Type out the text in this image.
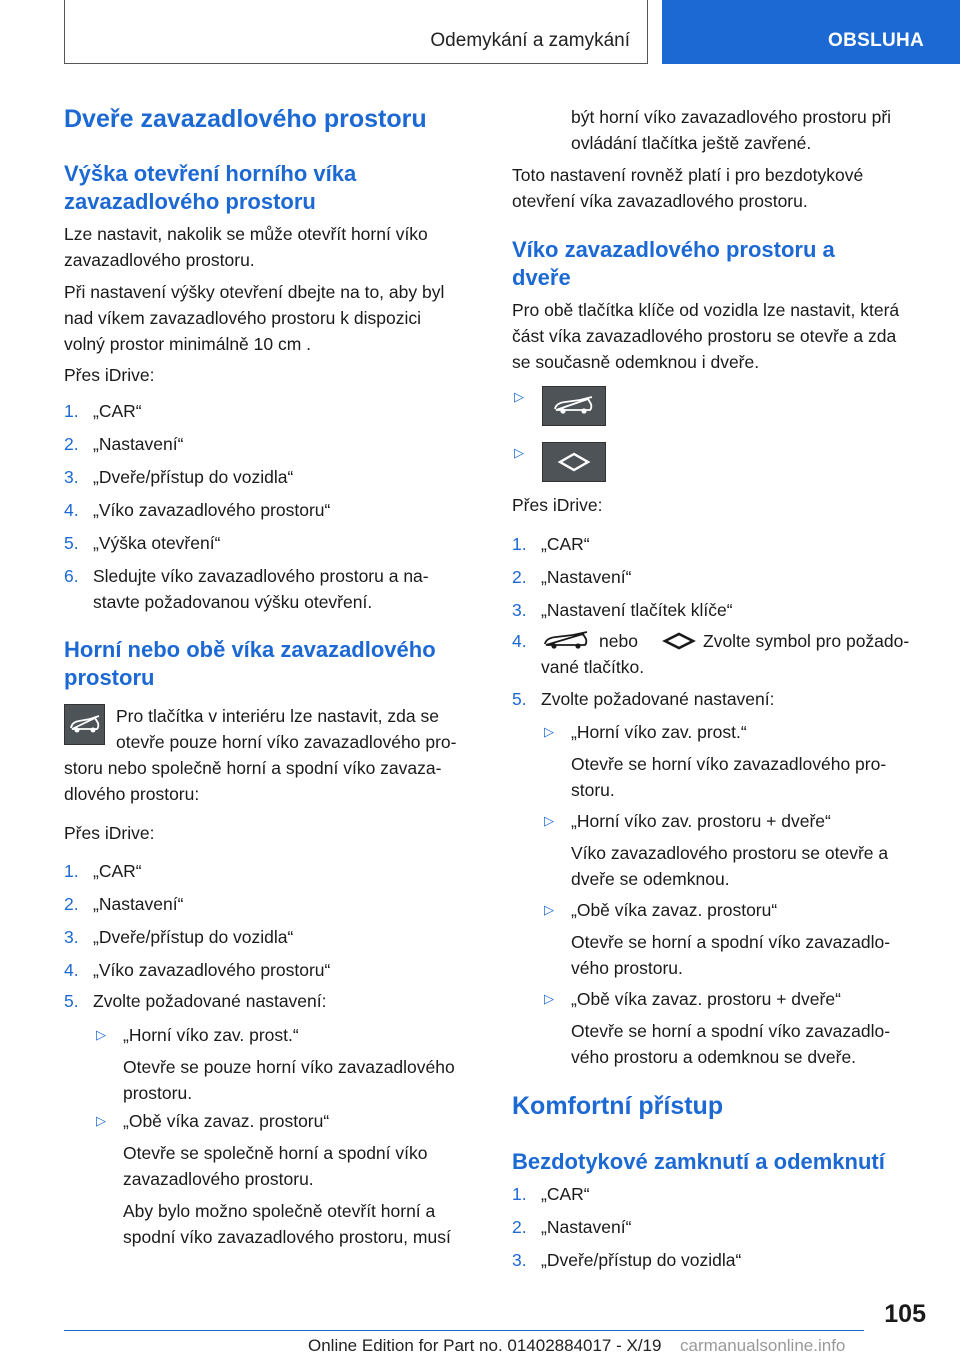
Odemykání a zamykání	OBSLUHA
Dveře zavazadlového prostoru
Výška otevření horního víka
zavazadlového prostoru
Lze nastavit, nakolik se může otevřít horní víko
zavazadlového prostoru.
Při nastavení výšky otevření dbejte na to, aby byl
nad víkem zavazadlového prostoru k dispozici
volný prostor minimálně 10 cm .
Přes iDrive:
1. „CAR“
2. „Nastavení“
3. „Dveře/přístup do vozidla“
4. „Víko zavazadlového prostoru“
5. „Výška otevření“
6. Sledujte víko zavazadlového prostoru a na-
stavte požadovanou výšku otevření.
Horní nebo obě víka zavazadlového
prostoru
Pro tlačítka v interiéru lze nastavit, zda se
otevře pouze horní víko zavazadlového pro-
storu nebo společně horní a spodní víko zavaza-
dlového prostoru:
Přes iDrive:
1. „CAR“
2. „Nastavení“
3. „Dveře/přístup do vozidla“
4. „Víko zavazadlového prostoru“
5. Zvolte požadované nastavení:
▷ „Horní víko zav. prost.“
Otevře se pouze horní víko zavazadlového
prostoru.
▷ „Obě víka zavaz. prostoru“
Otevře se společně horní a spodní víko
zavazadlového prostoru.
Aby bylo možno společně otevřít horní a
spodní víko zavazadlového prostoru, musí
být horní víko zavazadlového prostoru při
ovládání tlačítka ještě zavřené.
Toto nastavení rovněž platí i pro bezdotykové
otevření víka zavazadlového prostoru.
Víko zavazadlového prostoru a
dveře
Pro obě tlačítka klíče od vozidla lze nastavit, která
část víka zavazadlového prostoru se otevře a zda
se současně odemknou i dveře.
▷
▷
Přes iDrive:
1. „CAR“
2. „Nastavení“
3. „Nastavení tlačítek klíče“
4.	nebo	Zvolte symbol pro požado-
vané tlačítko.
5. Zvolte požadované nastavení:
▷ „Horní víko zav. prost.“
Otevře se horní víko zavazadlového pro-
storu.
▷ „Horní víko zav. prostoru + dveře“
Víko zavazadlového prostoru se otevře a
dveře se odemknou.
▷ „Obě víka zavaz. prostoru“
Otevře se horní a spodní víko zavazadlo-
vého prostoru.
▷ „Obě víka zavaz. prostoru + dveře“
Otevře se horní a spodní víko zavazadlo-
vého prostoru a odemknou se dveře.
Komfortní přístup
Bezdotykové zamknutí a odemknutí
1. „CAR“
2. „Nastavení“
3. „Dveře/přístup do vozidla“
105
Online Edition for Part no. 01402884017 - X/19 carmanualsonline.info
